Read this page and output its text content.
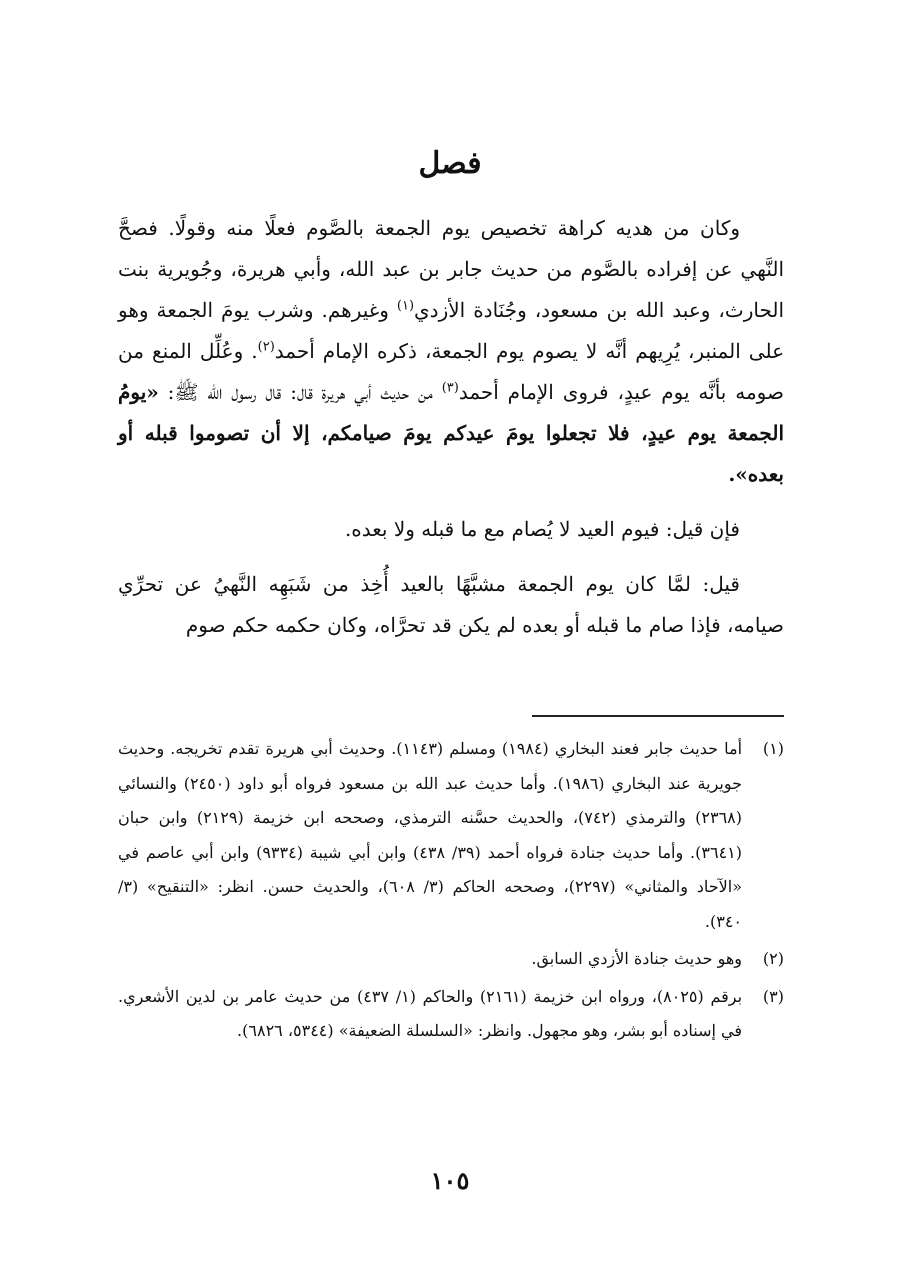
فصل

وكان من هديه كراهة تخصيص يوم الجمعة بالصَّوم فعلًا منه وقولًا. فصحَّ النَّهي عن إفراده بالصَّوم من حديث جابر بن عبد الله، وأبي هريرة، وجُويرية بنت الحارث، وعبد الله بن مسعود، وجُنَادة الأزدي$^{(١)}$ وغيرهم. وشرب يومَ الجمعة وهو على المنبر، يُرِيهم أنَّه لا يصوم يوم الجمعة، ذكره الإمام أحمد$^{(٢)}$. وعُلِّل المنع من صومه بأنَّه يوم عيدٍ، فروى الإمام أحمد$^{(٣)}$ من حديث أبي هريرة قال: قال رسول الله ﷺ: «يومُ الجمعة يوم عيدٍ، فلا تجعلوا يومَ عيدكم يومَ صيامكم، إلا أن تصوموا قبله أو بعده».

فإن قيل: فيوم العيد لا يُصام مع ما قبله ولا بعده.

قيل: لمَّا كان يوم الجمعة مشبَّهًا بالعيد أُخِذ من شَبَهِه النَّهيُ عن تحرِّي صيامه، فإذا صام ما قبله أو بعده لم يكن قد تحرَّاه، وكان حكمه حكم صوم

(١)
أما حديث جابر فعند البخاري (١٩٨٤) ومسلم (١١٤٣). وحديث أبي هريرة تقدم تخريجه. وحديث جويرية عند البخاري (١٩٨٦). وأما حديث عبد الله بن مسعود فرواه أبو داود (٢٤٥٠) والنسائي (٢٣٦٨) والترمذي (٧٤٢)، والحديث حسَّنه الترمذي، وصححه ابن خزيمة (٢١٢٩) وابن حبان (٣٦٤١). وأما حديث جنادة فرواه أحمد (٣٩/ ٤٣٨) وابن أبي شيبة (٩٣٣٤) وابن أبي عاصم في «الآحاد والمثاني» (٢٢٩٧)، وصححه الحاكم (٣/ ٦٠٨)، والحديث حسن. انظر: «التنقيح» (٣/ ٣٤٠).

(٢)
وهو حديث جنادة الأزدي السابق.

(٣)
برقم (٨٠٢٥)، ورواه ابن خزيمة (٢١٦١) والحاكم (١/ ٤٣٧) من حديث عامر بن لدين الأشعري. في إسناده أبو بشر، وهو مجهول. وانظر: «السلسلة الضعيفة» (٥٣٤٤، ٦٨٢٦).

١٠٥
